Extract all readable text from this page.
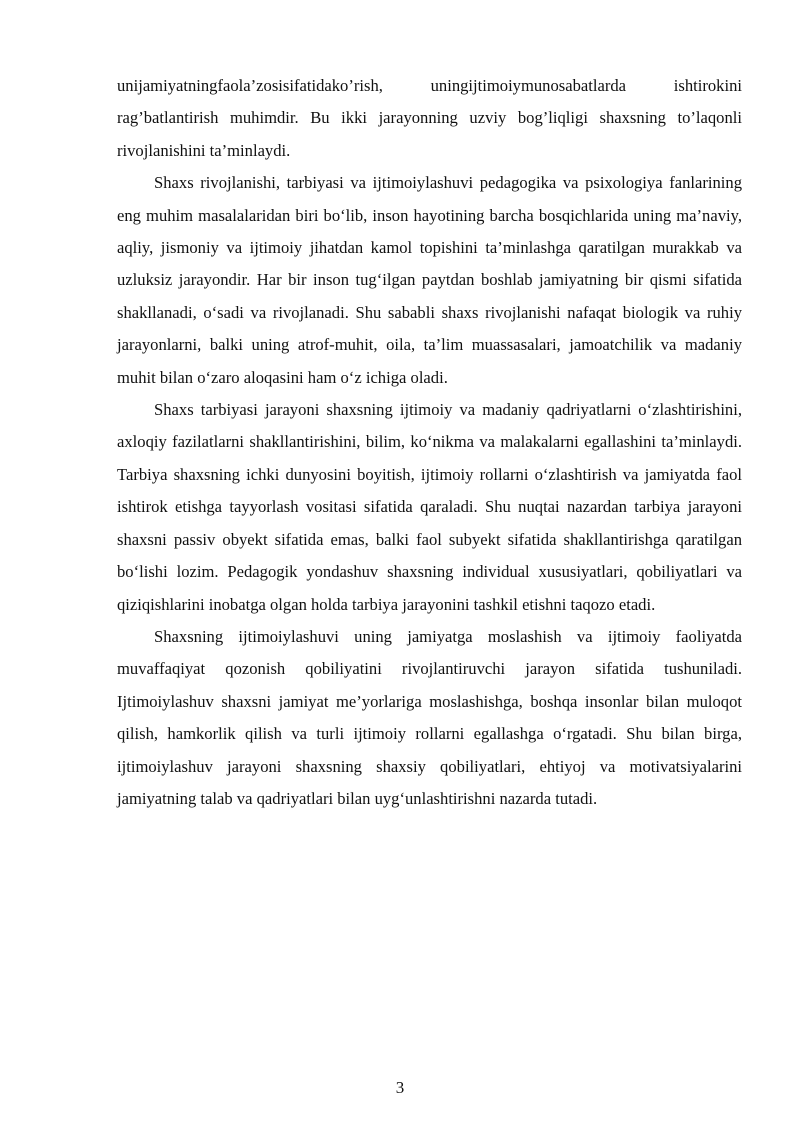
unijamiyatningfaola’zosisifatidako’rish, uningijtimoiymunosabatlarda ishtirokini rag’batlantirish muhimdir. Bu ikki jarayonning uzviy bog’liqligi shaxsning to’laqonli rivojlanishini ta’minlaydi.

Shaxs rivojlanishi, tarbiyasi va ijtimoiylashuvi pedagogika va psixologiya fanlarining eng muhim masalalaridan biri bo‘lib, inson hayotining barcha bosqichlarida uning ma’naviy, aqliy, jismoniy va ijtimoiy jihatdan kamol topishini ta’minlashga qaratilgan murakkab va uzluksiz jarayondir. Har bir inson tug‘ilgan paytdan boshlab jamiyatning bir qismi sifatida shakllanadi, o‘sadi va rivojlanadi. Shu sababli shaxs rivojlanishi nafaqat biologik va ruhiy jarayonlarni, balki uning atrof-muhit, oila, ta’lim muassasalari, jamoatchilik va madaniy muhit bilan o‘zaro aloqasini ham o‘z ichiga oladi.

Shaxs tarbiyasi jarayoni shaxsning ijtimoiy va madaniy qadriyatlarni o‘zlashtirishini, axloqiy fazilatlarni shakllantirishini, bilim, ko‘nikma va malakalarni egallashini ta’minlaydi. Tarbiya shaxsning ichki dunyosini boyitish, ijtimoiy rollarni o‘zlashtirish va jamiyatda faol ishtirok etishga tayyorlash vositasi sifatida qaraladi. Shu nuqtai nazardan tarbiya jarayoni shaxsni passiv obyekt sifatida emas, balki faol subyekt sifatida shakllantirishga qaratilgan bo‘lishi lozim. Pedagogik yondashuv shaxsning individual xususiyatlari, qobiliyatlari va qiziqishlarini inobatga olgan holda tarbiya jarayonini tashkil etishni taqozo etadi.

Shaxsning ijtimoiylashuvi uning jamiyatga moslashish va ijtimoiy faoliyatda muvaffaqiyat qozonish qobiliyatini rivojlantiruvchi jarayon sifatida tushuniladi. Ijtimoiylashuv shaxsni jamiyat me’yorlariga moslashishga, boshqa insonlar bilan muloqot qilish, hamkorlik qilish va turli ijtimoiy rollarni egallashga o‘rgatadi. Shu bilan birga, ijtimoiylashuv jarayoni shaxsning shaxsiy qobiliyatlari, ehtiyoj va motivatsiyalarini jamiyatning talab va qadriyatlari bilan uyg‘unlashtirishni nazarda tutadi.

3
